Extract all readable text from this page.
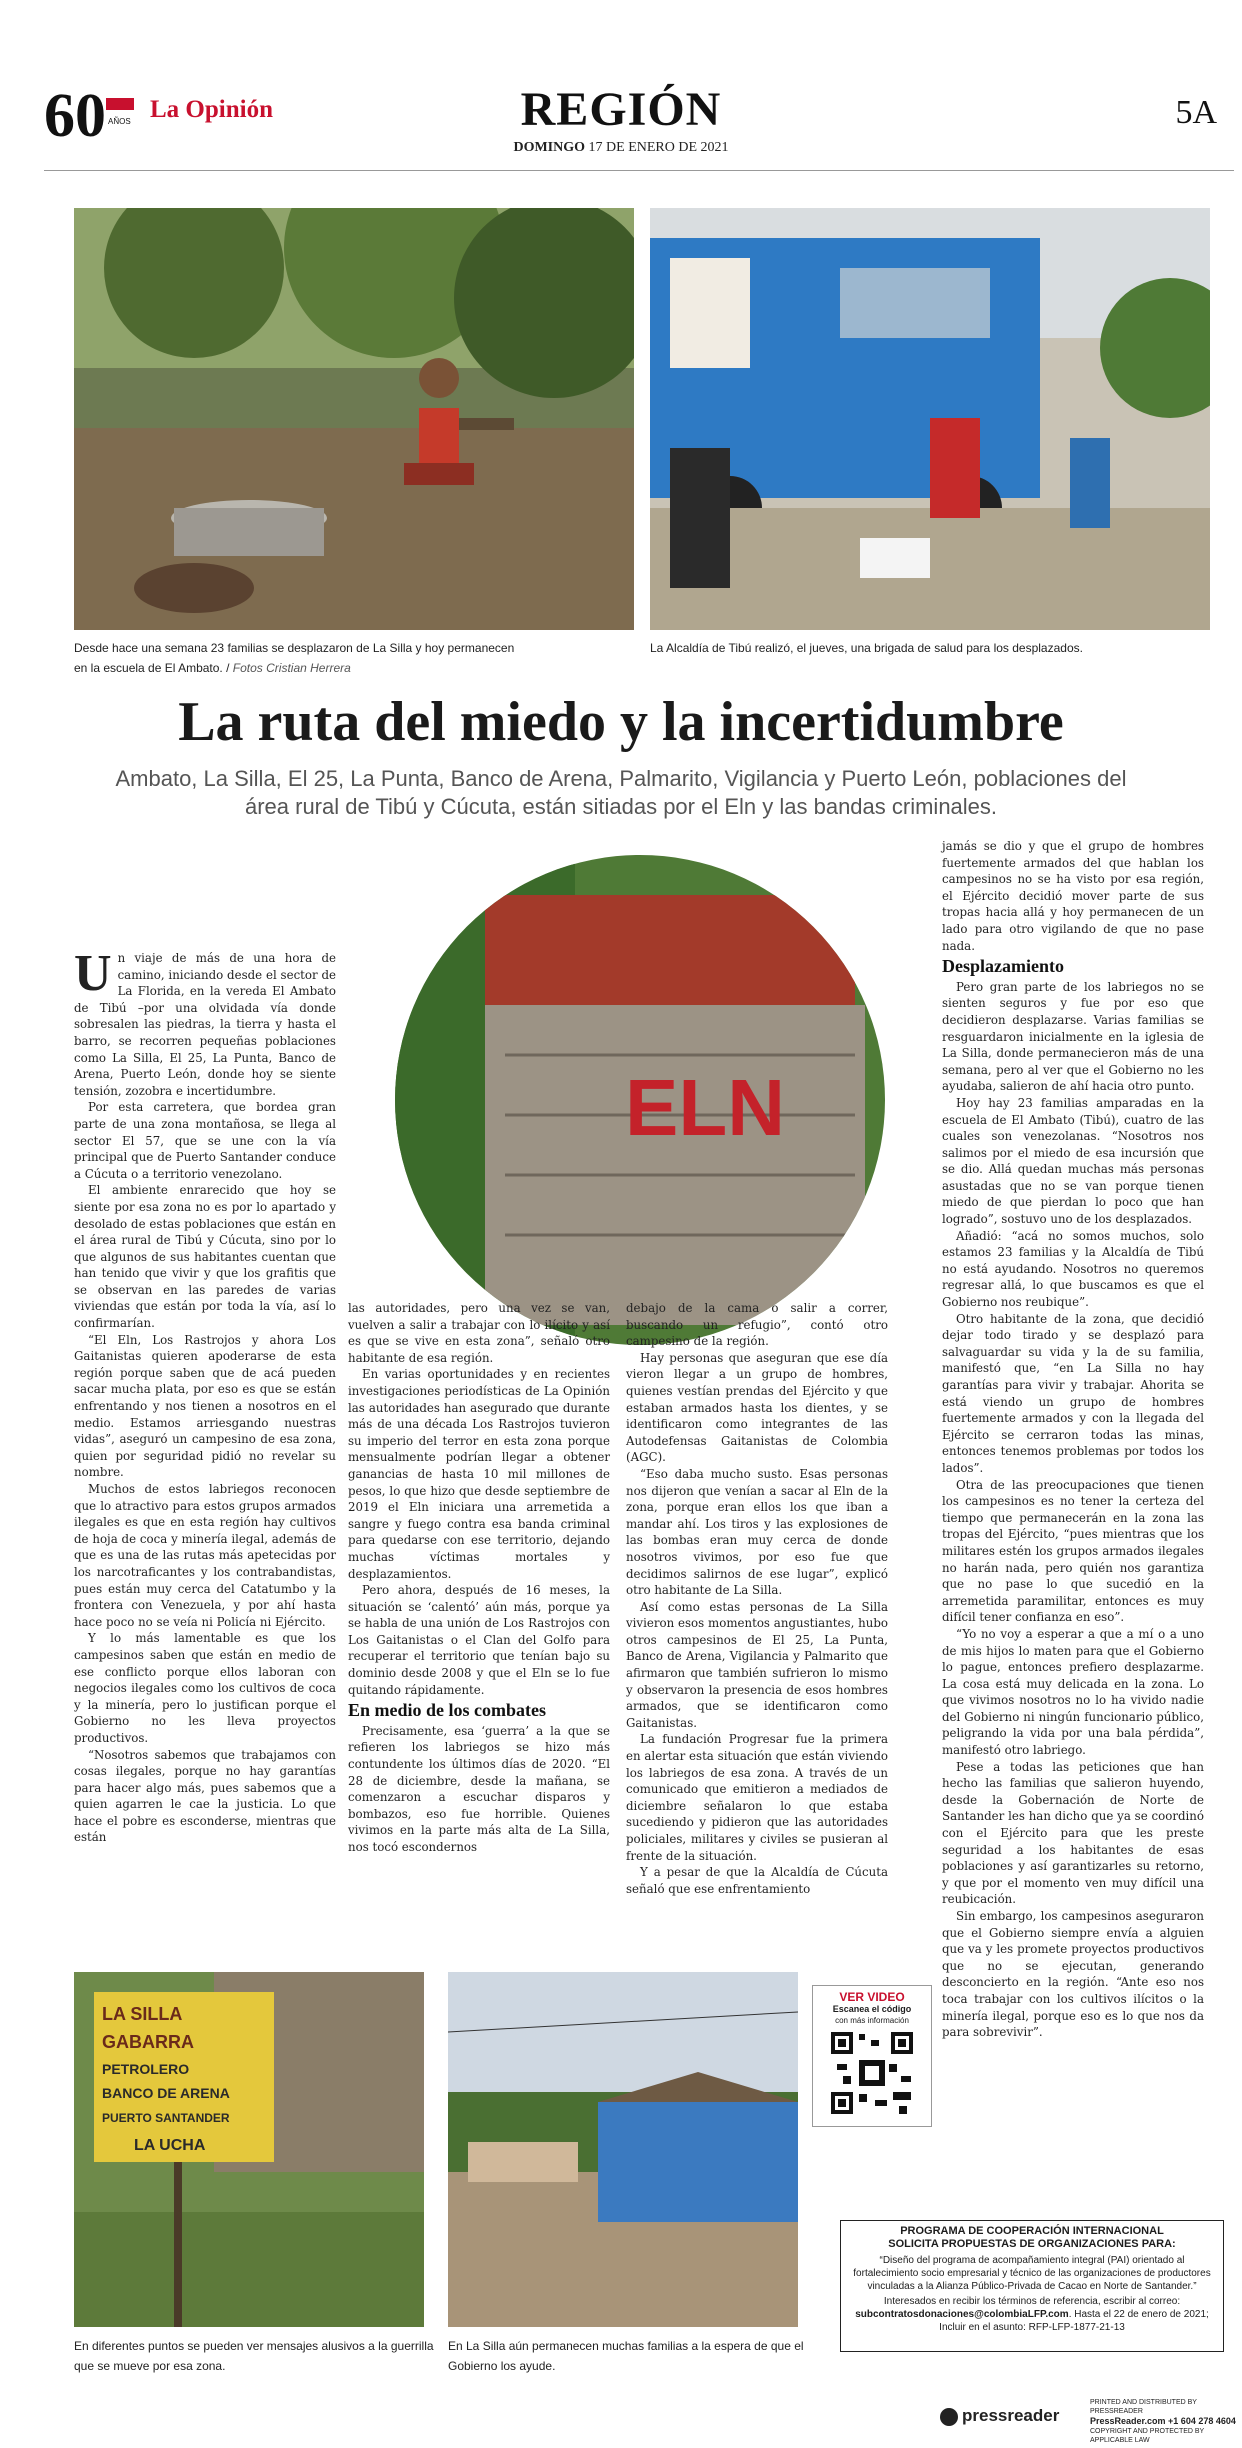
60 AÑOS La Opinión	REGIÓN
DOMINGO 17 DE ENERO DE 2021
5A
Desde hace una semana 23 familias se desplazaron de La Silla y hoy permanecen en la escuela de El Ambato. / Fotos Cristian Herrera
La Alcaldía de Tibú realizó, el jueves, una brigada de salud para los desplazados.
La ruta del miedo y la incertidumbre
Ambato, La Silla, El 25, La Punta, Banco de Arena, Palmarito, Vigilancia y Puerto León, poblaciones del área rural de Tibú y Cúcuta, están sitiadas por el Eln y las bandas criminales.
ELN

Un viaje de más de una hora de camino, iniciando desde el sector de La Florida, en la vereda El Ambato de Tibú –por una olvidada vía donde sobresalen las piedras, la tierra y hasta el barro, se recorren pequeñas poblaciones como La Silla, El 25, La Punta, Banco de Arena, Puerto León, donde hoy se siente tensión, zozobra e incertidumbre.

Por esta carretera, que bordea gran parte de una zona montañosa, se llega al sector El 57, que se une con la vía principal que de Puerto Santander conduce a Cúcuta o a territorio venezolano.

El ambiente enrarecido que hoy se siente por esa zona no es por lo apartado y desolado de estas poblaciones que están en el área rural de Tibú y Cúcuta, sino por lo que algunos de sus habitantes cuentan que han tenido que vivir y que los grafitis que se observan en las paredes de varias viviendas que están por toda la vía, así lo confirmarían.

“El Eln, Los Rastrojos y ahora Los Gaitanistas quieren apoderarse de esta región porque saben que de acá pueden sacar mucha plata, por eso es que se están enfrentando y nos tienen a nosotros en el medio. Estamos arriesgando nuestras vidas”, aseguró un campesino de esa zona, quien por seguridad pidió no revelar su nombre.

Muchos de estos labriegos reconocen que lo atractivo para estos grupos armados ilegales es que en esta región hay cultivos de hoja de coca y minería ilegal, además de que es una de las rutas más apetecidas por los narcotraficantes y los contrabandistas, pues están muy cerca del Catatumbo y la frontera con Venezuela, y por ahí hasta hace poco no se veía ni Policía ni Ejército.

Y lo más lamentable es que los campesinos saben que están en medio de ese conflicto porque ellos laboran con negocios ilegales como los cultivos de coca y la minería, pero lo justifican porque el Gobierno no les lleva proyectos productivos.

“Nosotros sabemos que trabajamos con cosas ilegales, porque no hay garantías para hacer algo más, pues sabemos que a quien agarren le cae la justicia. Lo que hace el pobre es esconderse, mientras que están

las autoridades, pero una vez se van, vuelven a salir a trabajar con lo ilícito y así es que se vive en esta zona”, señaló otro habitante de esa región.

En varias oportunidades y en recientes investigaciones periodísticas de La Opinión las autoridades han asegurado que durante más de una década Los Rastrojos tuvieron su imperio del terror en esta zona porque mensualmente podrían llegar a obtener ganancias de hasta 10 mil millones de pesos, lo que hizo que desde septiembre de 2019 el Eln iniciara una arremetida a sangre y fuego contra esa banda criminal para quedarse con ese territorio, dejando muchas víctimas mortales y desplazamientos.

Pero ahora, después de 16 meses, la situación se ‘calentó’ aún más, porque ya se habla de una unión de Los Rastrojos con Los Gaitanistas o el Clan del Golfo para recuperar el territorio que tenían bajo su dominio desde 2008 y que el Eln se lo fue quitando rápidamente.

En medio de los combates

Precisamente, esa ‘guerra’ a la que se refieren los labriegos se hizo más contundente los últimos días de 2020. “El 28 de diciembre, desde la mañana, se comenzaron a escuchar disparos y bombazos, eso fue horrible. Quienes vivimos en la parte más alta de La Silla, nos tocó escondernos

debajo de la cama o salir a correr, buscando un refugio”, contó otro campesino de la región.

Hay personas que aseguran que ese día vieron llegar a un grupo de hombres, quienes vestían prendas del Ejército y que estaban armados hasta los dientes, y se identificaron como integrantes de las Autodefensas Gaitanistas de Colombia (AGC).

“Eso daba mucho susto. Esas personas nos dijeron que venían a sacar al Eln de la zona, porque eran ellos los que iban a mandar ahí. Los tiros y las explosiones de las bombas eran muy cerca de donde nosotros vivimos, por eso fue que decidimos salirnos de ese lugar”, explicó otro habitante de La Silla.

Así como estas personas de La Silla vivieron esos momentos angustiantes, hubo otros campesinos de El 25, La Punta, Banco de Arena, Vigilancia y Palmarito que afirmaron que también sufrieron lo mismo y observaron la presencia de esos hombres armados, que se identificaron como Gaitanistas.

La fundación Progresar fue la primera en alertar esta situación que están viviendo los labriegos de esa zona. A través de un comunicado que emitieron a mediados de diciembre señalaron lo que estaba sucediendo y pidieron que las autoridades policiales, militares y civiles se pusieran al frente de la situación.

Y a pesar de que la Alcaldía de Cúcuta señaló que ese enfrentamiento

jamás se dio y que el grupo de hombres fuertemente armados del que hablan los campesinos no se ha visto por esa región, el Ejército decidió mover parte de sus tropas hacia allá y hoy permanecen de un lado para otro vigilando de que no pase nada.

Desplazamiento

Pero gran parte de los labriegos no se sienten seguros y fue por eso que decidieron desplazarse. Varias familias se resguardaron inicialmente en la iglesia de La Silla, donde permanecieron más de una semana, pero al ver que el Gobierno no les ayudaba, salieron de ahí hacia otro punto.

Hoy hay 23 familias amparadas en la escuela de El Ambato (Tibú), cuatro de las cuales son venezolanas. “Nosotros nos salimos por el miedo de esa incursión que se dio. Allá quedan muchas más personas asustadas que no se van porque tienen miedo de que pierdan lo poco que han logrado”, sostuvo uno de los desplazados.

Añadió: “acá no somos muchos, solo estamos 23 familias y la Alcaldía de Tibú no está ayudando. Nosotros no queremos regresar allá, lo que buscamos es que el Gobierno nos reubique”.

Otro habitante de la zona, que decidió dejar todo tirado y se desplazó para salvaguardar su vida y la de su familia, manifestó que, “en La Silla no hay garantías para vivir y trabajar. Ahorita se está viendo un grupo de hombres fuertemente armados y con la llegada del Ejército se cerraron todas las minas, entonces tenemos problemas por todos los lados”.

Otra de las preocupaciones que tienen los campesinos es no tener la certeza del tiempo que permanecerán en la zona las tropas del Ejército, “pues mientras que los militares estén los grupos armados ilegales no harán nada, pero quién nos garantiza que no pase lo que sucedió en la arremetida paramilitar, entonces es muy difícil tener confianza en eso”.

“Yo no voy a esperar a que a mí o a uno de mis hijos lo maten para que el Gobierno lo pague, entonces prefiero desplazarme. La cosa está muy delicada en la zona. Lo que vivimos nosotros no lo ha vivido nadie del Gobierno ni ningún funcionario público, peligrando la vida por una bala pérdida”, manifestó otro labriego.

Pese a todas las peticiones que han hecho las familias que salieron huyendo, desde la Gobernación de Norte de Santander les han dicho que ya se coordinó con el Ejército para que les preste seguridad a los habitantes de esas poblaciones y así garantizarles su retorno, y que por el momento ven muy difícil una reubicación.

Sin embargo, los campesinos aseguraron que el Gobierno siempre envía a alguien que va y les promete proyectos productivos que no se ejecutan, generando desconcierto en la región. “Ante eso nos toca trabajar con los cultivos ilícitos o la minería ilegal, porque eso es lo que nos da para sobrevivir”.

LA SILLA
GABARRA
PETROLERO
BANCO DE ARENA
PUERTO SANTANDER
LA UCHA
En diferentes puntos se pueden ver mensajes alusivos a la guerrilla que se mueve por esa zona.
En La Silla aún permanecen muchas familias a la espera de que el Gobierno los ayude.
VER VIDEO
Escanea el código
con más información
PROGRAMA DE COOPERACIÓN INTERNACIONAL
SOLICITA PROPUESTAS DE ORGANIZACIONES PARA:
“Diseño del programa de acompañamiento integral (PAI) orientado al fortalecimiento socio empresarial y técnico de las organizaciones de productores vinculadas a la Alianza Público-Privada de Cacao en Norte de Santander.”
Interesados en recibir los términos de referencia, escribir al correo: subcontratosdonaciones@colombiaLFP.com. Hasta el 22 de enero de 2021; Incluir en el asunto: RFP-LFP-1877-21-13
pressreader
PRINTED AND DISTRIBUTED BY PRESSREADER
PressReader.com +1 604 278 4604
COPYRIGHT AND PROTECTED BY APPLICABLE LAW
